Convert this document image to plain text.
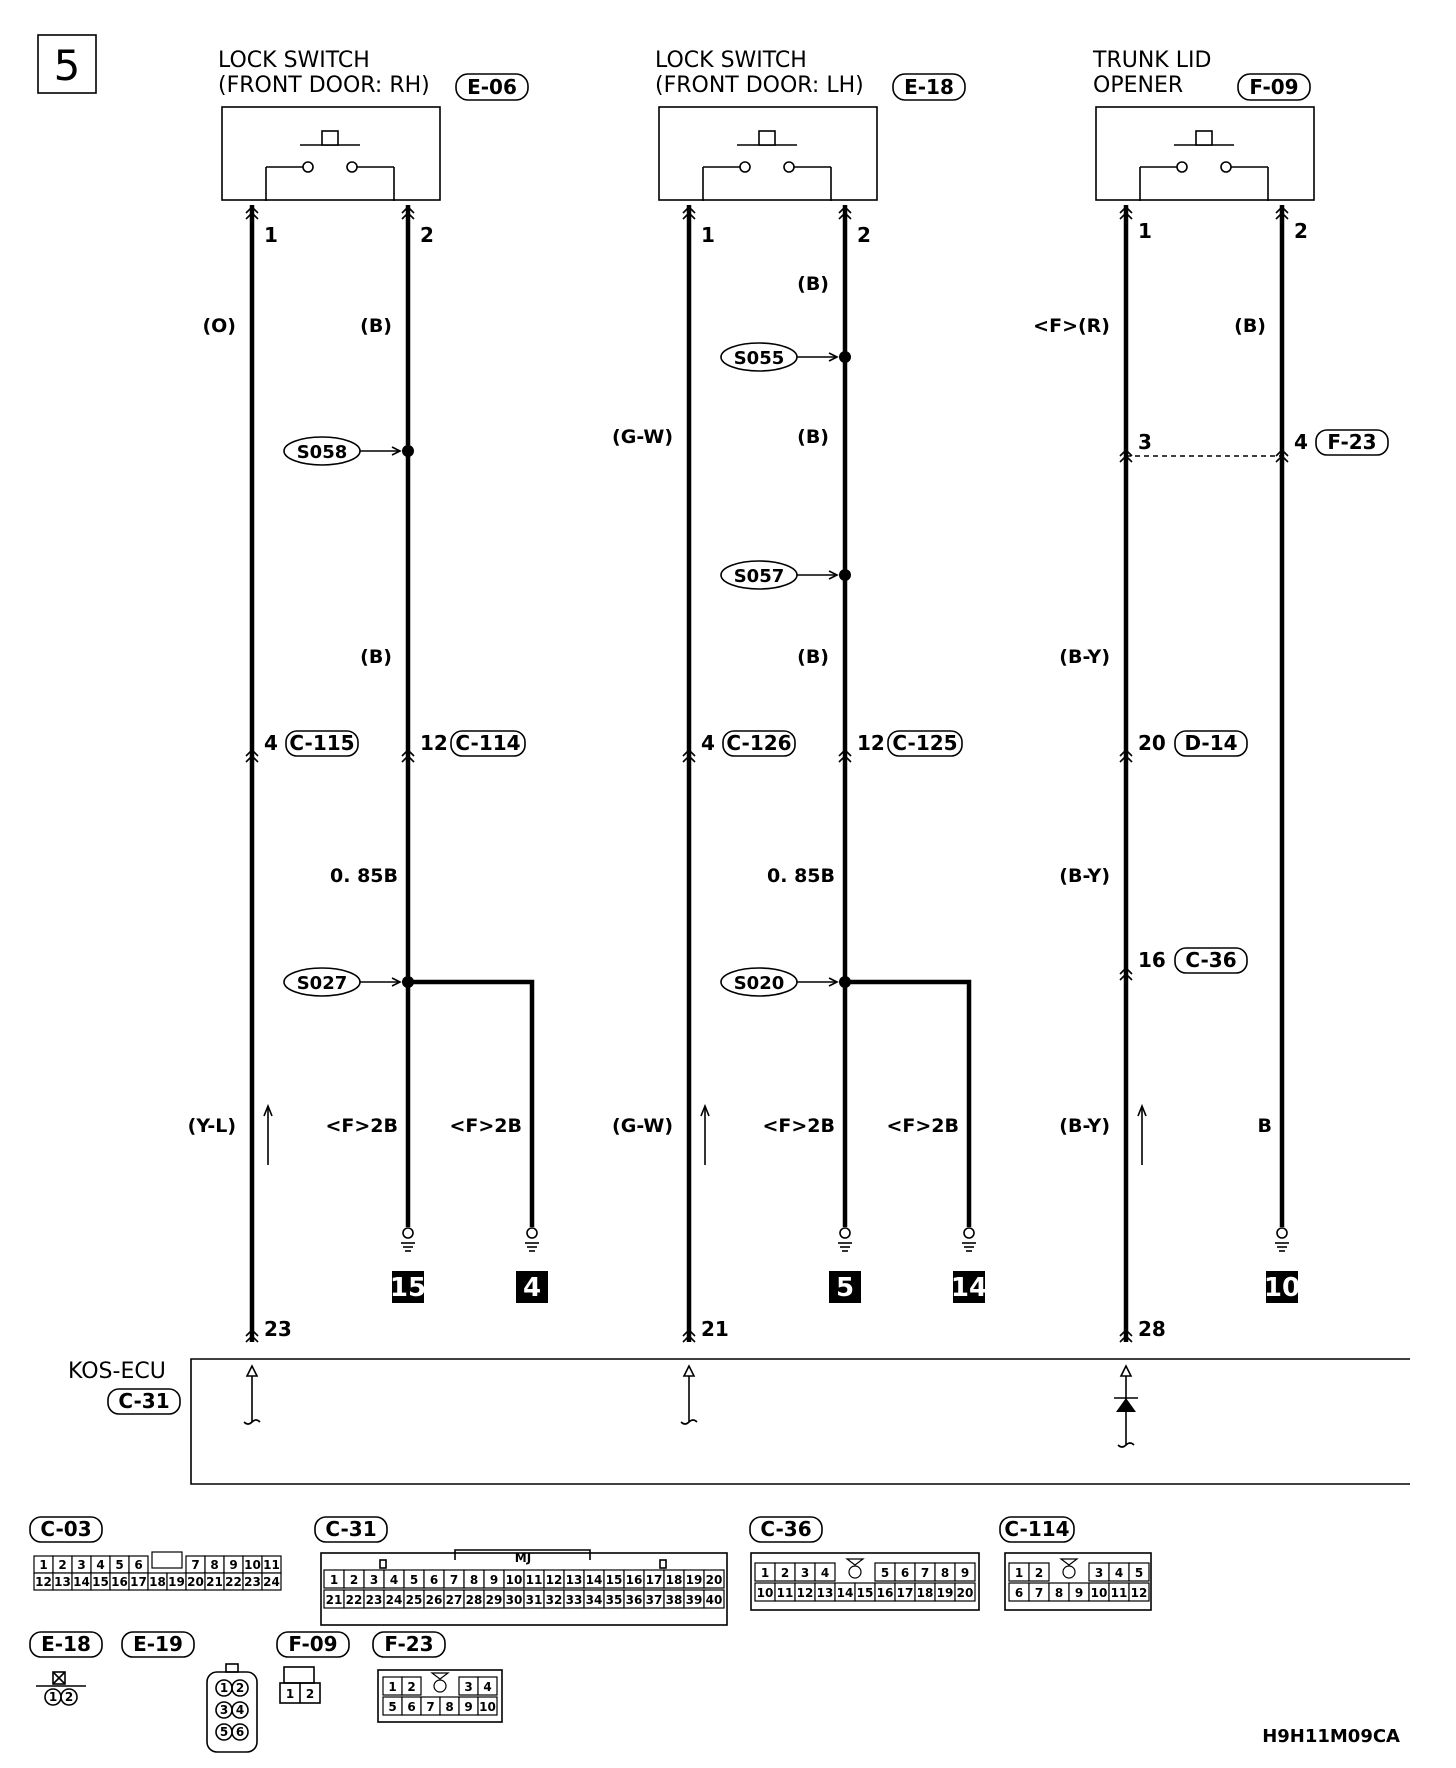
5	LOCK SWITCH
(FRONT DOOR: RH) E-06
LOCK SWITCH
(FRONT DOOR: LH) E-18
TRUNK LID
OPENER	F-09
1	2	1	2	1	2
(O)	(B)
(B)
0. 85B
(Y-L)	<F>2B	<F>2B
(G-W)
(B)
(B)
(B)
0. 85B
(G-W)	<F>2B	<F>2B
<F>(R)	(B)
(B-Y)
(B-Y)
(B-Y)	B
S058
S027
S055
S057
S020
4 C-115	12 C-114	4 C-126	12 C-125
3	4 F-23
20 D-14
16 C-36
15	4	5	14	10
23	21	28
KOS-ECU
C-31
C-03
1 2 3 4 5 6	7 8 9 10 11
12 13 14 15 16 17 18 19 20 21 22 23 24
C-31
MJ
1 2 3 4 5 6 7 8 9 10 11 12 13 14 15 16 17 18 19 20
21 22 23 24 25 26 27 28 29 30 31 32 33 34 35 36 37 38 39 40
C-36
1 2 3 4	5 6 7 8 9
10 11 12 13 14 15 16 17 18 19 20
C-114
1 2	3 4 5
6 7 8 9 10 11 12
E-18
1 2
E-19
1 2
3 4
5 6
F-09
1 2
F-23
1 2	3 4
5 6 7 8 9 10
H9H11M09CA
